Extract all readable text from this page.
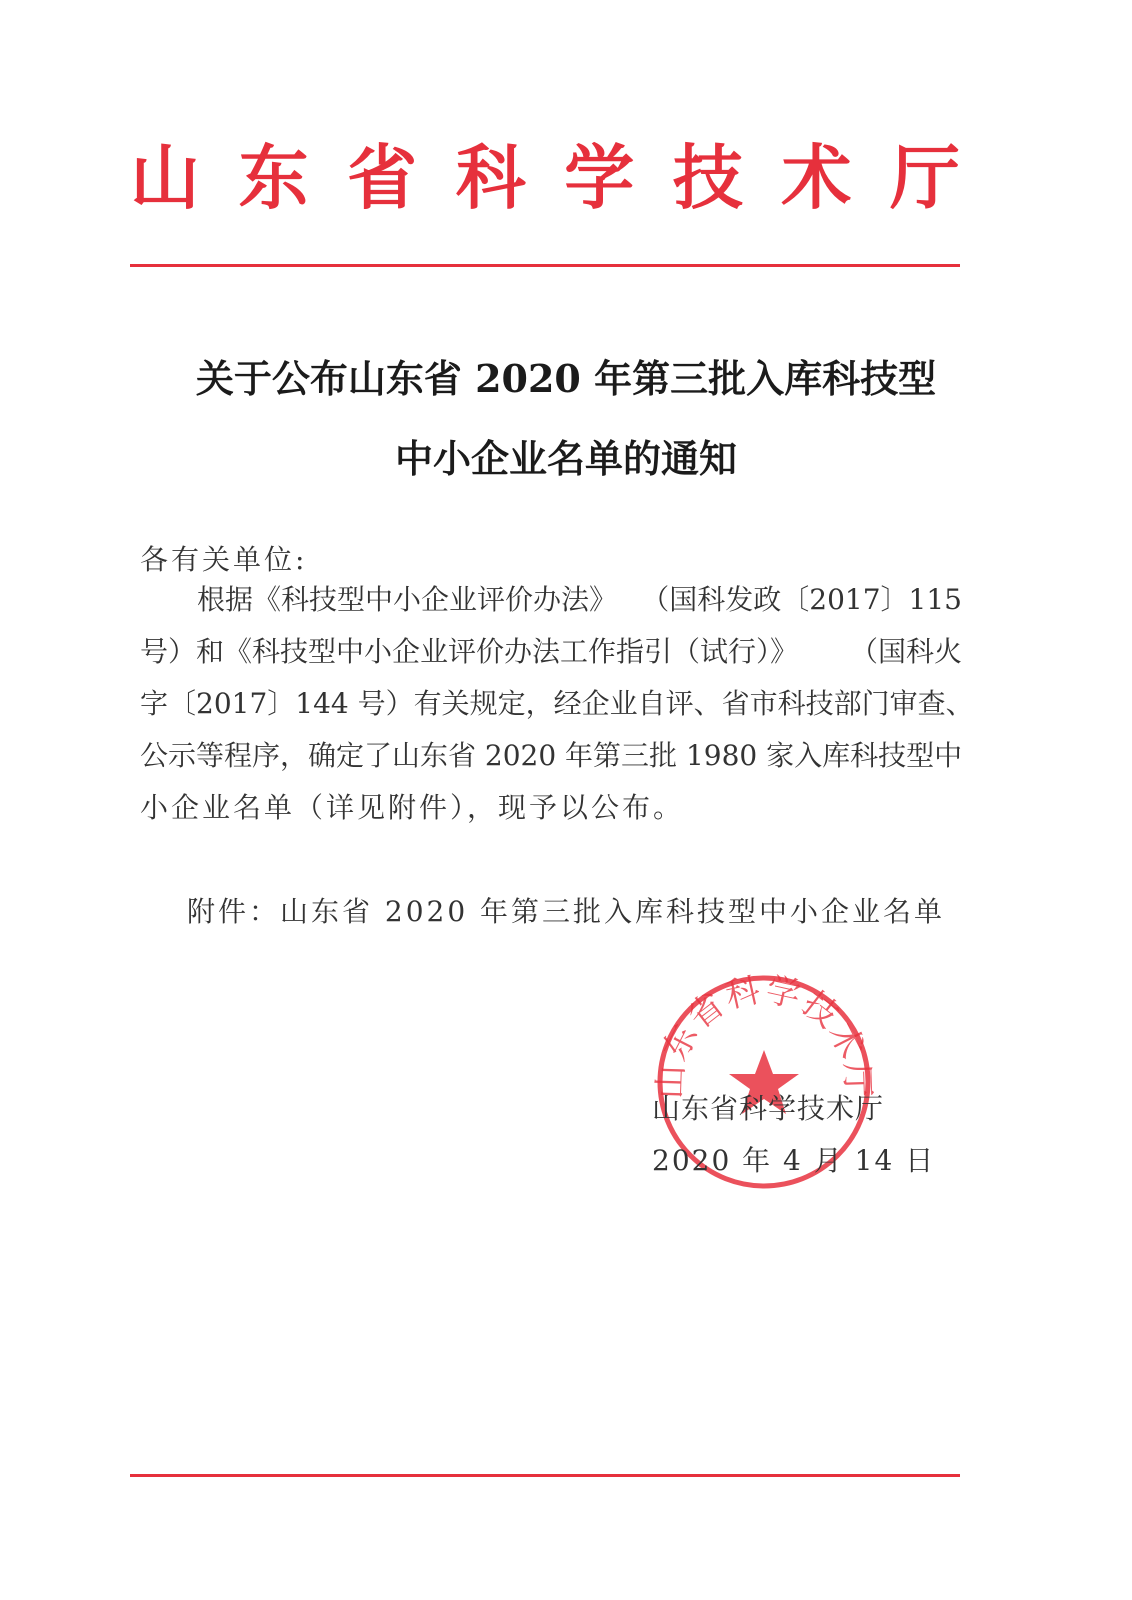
山 东 省 科 学 技 术 厅
关于公布山东省 2020 年第三批入库科技型
中小企业名单的通知
各有关单位:
根据《科技型中小企业评价办法》 （国科发政〔2017〕115
号）和《科技型中小企业评价办法工作指引（试行）》 （国科火
字〔2017〕144 号）有关规定，经企业自评、省市科技部门审查、
公示等程序，确定了山东省 2020 年第三批 1980 家入库科技型中
小企业名单（详见附件），现予以公布。
附件：山东省 2020 年第三批入库科技型中小企业名单
山东省科学技术厅
山东省科学技术厅
2020 年 4 月 14 日
